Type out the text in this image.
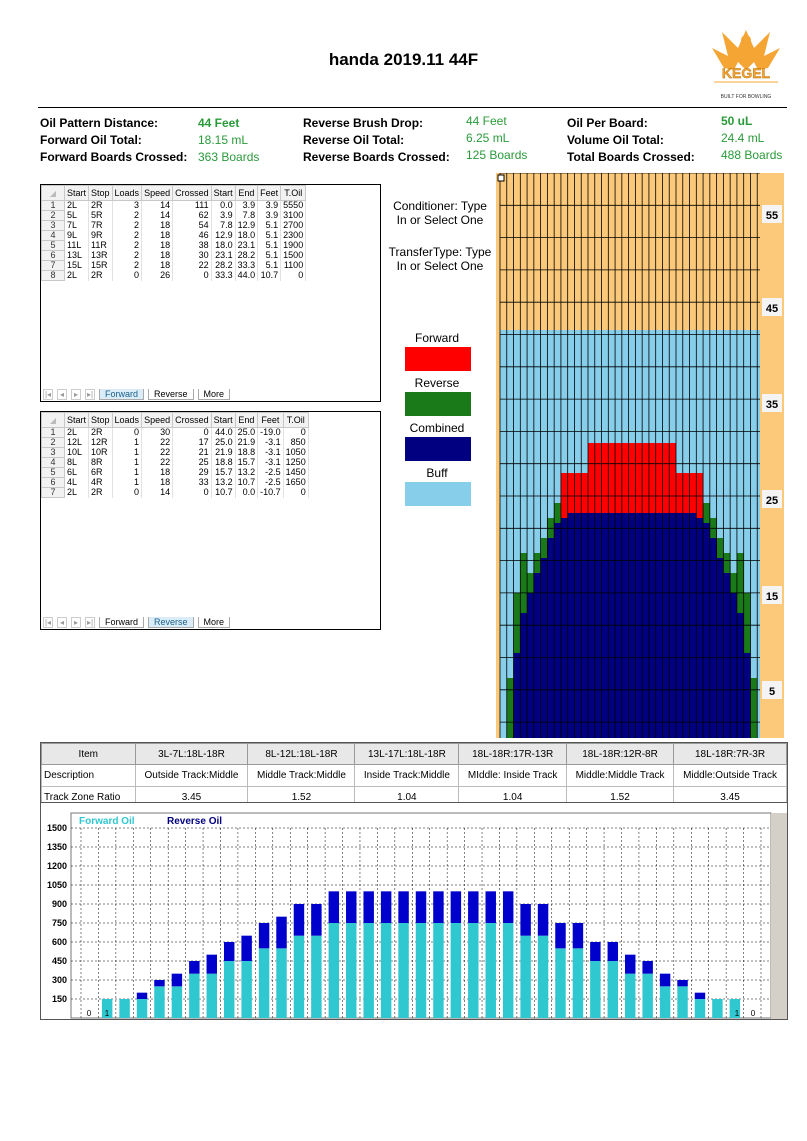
handa 2019.11 44F
KEGEL
BUILT FOR BOWLING
Oil Pattern Distance:	44 Feet
Forward Oil Total:	18.15 mL
Forward Boards Crossed: 363 Boards
Reverse Brush Drop:	44 Feet
Reverse Oil Total:	6.25 mL
Reverse Boards Crossed: 125 Boards
Oil Per Board:	50 uL
Volume Oil Total:	24.4 mL
Total Boards Crossed: 488 Boards
◢	Start	Stop	Loads	Speed	Crossed	Start	End	Feet	T.Oil
1	2L	2R	3	14	111	0.0	3.9	3.9	5550
2	5L	5R	2	14	62	3.9	7.8	3.9	3100
3	7L	7R	2	18	54	7.8	12.9	5.1	2700
4	9L	9R	2	18	46	12.9	18.0	5.1	2300
5	11L	11R	2	18	38	18.0	23.1	5.1	1900
6	13L	13R	2	18	30	23.1	28.2	5.1	1500
7	15L	15R	2	18	22	28.2	33.3	5.1	1100
8	2L	2R	0	26	0	33.3	44.0	10.7	0
|◂	◂	▸	▸|	Forward	Reverse	More
◢	Start	Stop	Loads	Speed	Crossed	Start	End	Feet	T.Oil
1	2L	2R	0	30	0	44.0	25.0	-19.0	0
2	12L	12R	1	22	17	25.0	21.9	-3.1	850
3	10L	10R	1	22	21	21.9	18.8	-3.1	1050
4	8L	8R	1	22	25	18.8	15.7	-3.1	1250
5	6L	6R	1	18	29	15.7	13.2	-2.5	1450
6	4L	4R	1	18	33	13.2	10.7	-2.5	1650
7	2L	2R	0	14	0	10.7	0.0	-10.7	0
|◂	◂	▸	▸|	Forward	Reverse	More
Conditioner: Type In or Select One
TransferType: Type In or Select One
Forward
Reverse
Combined
Buff
55
45
35
25
15
5
Item	3L-7L:18L-18R	8L-12L:18L-18R	13L-17L:18L-18R	18L-18R:17R-13R	18L-18R:12R-8R	18L-18R:7R-3R
Description	Outside Track:Middle	Middle Track:Middle	Inside Track:Middle	MIddle: Inside Track	Middle:Middle Track	Middle:Outside Track
Track Zone Ratio	3.45	1.52	1.04	1.04	1.52	3.45
150
300
450
600
750
900
1050
1200
1350
1500
Forward Oil	Reverse Oil
0 1	1 0
